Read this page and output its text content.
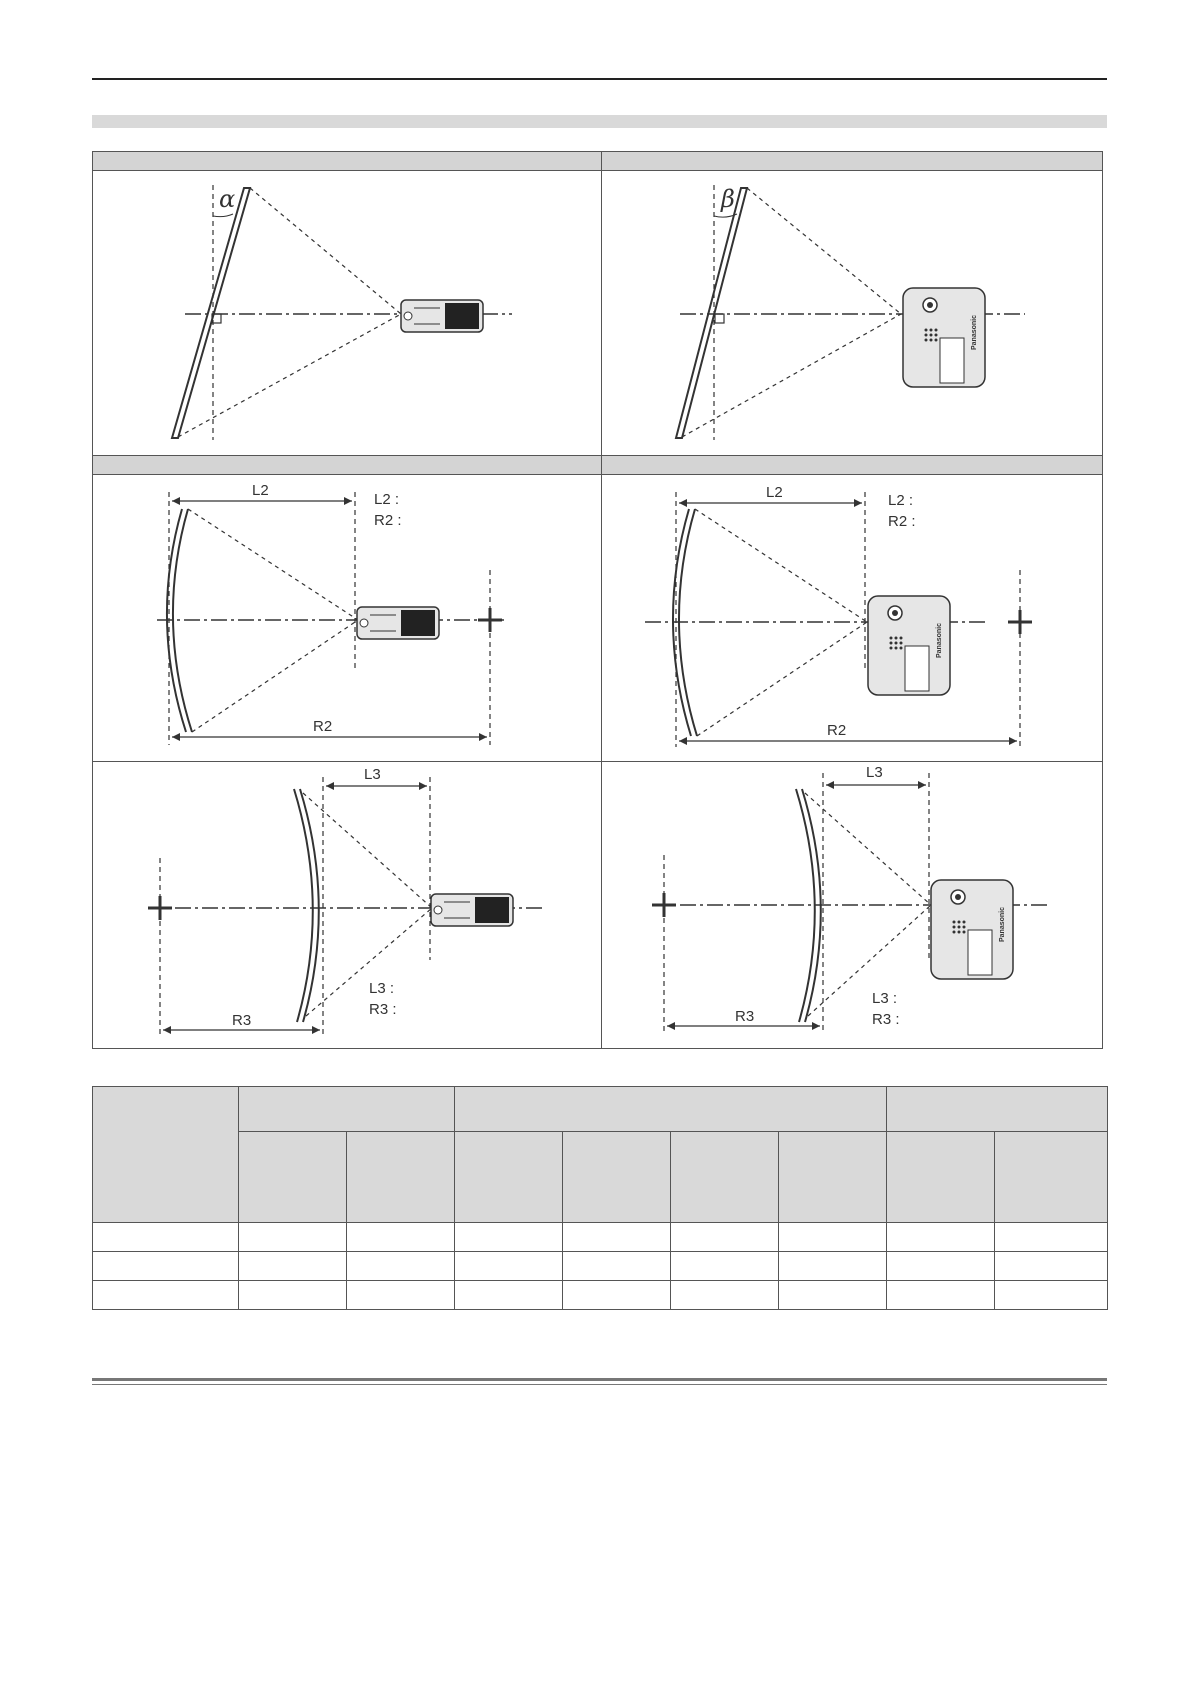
α	β
Panasonic
L2
R2
L2 :
R2 :
L2
R2
L2 :
R2 :
Panasonic
L3
R3
L3 :
R3 :
L3
R3
L3 :
R3 :
Panasonic
